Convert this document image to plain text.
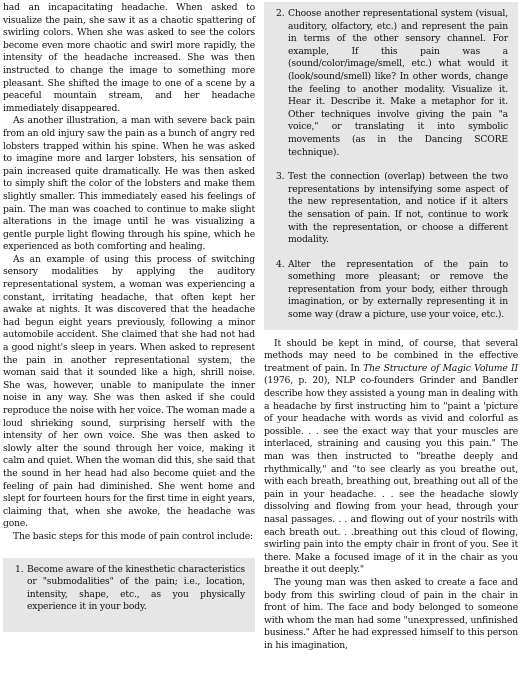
had an incapacitating headache. When asked to visualize the pain, she saw it as a chaotic spattering of swirling colors. When she was asked to see the colors become even more chaotic and swirl more rapidly, the intensity of the headache increased. She was then instructed to change the image to something more pleasant. She shifted the image to one of a scene by a peaceful mountain stream, and her headache immediately disappeared.

As another illustration, a man with severe back pain from an old injury saw the pain as a bunch of angry red lobsters trapped within his spine. When he was asked to imagine more and larger lobsters, his sensation of pain increased quite dramatically. He was then asked to simply shift the color of the lobsters and make them slightly smaller. This immediately eased his feelings of pain. The man was coached to continue to make slight alterations in the image until he was visualizing a gentle purple light flowing through his spine, which he experienced as both comforting and healing.

As an example of using this process of switching sensory modalities by applying the auditory representational system, a woman was experiencing a constant, irritating headache, that often kept her awake at nights. It was discovered that the headache had begun eight years previously, following a minor automobile accident. She claimed that she had not had a good night's sleep in years. When asked to represent the pain in another representational system, the woman said that it sounded like a high, shrill noise. She was, however, unable to manipulate the inner noise in any way. She was then asked if she could reproduce the noise with her voice. The woman made a loud shrieking sound, surprising herself with the intensity of her own voice. She was then asked to slowly alter the sound through her voice, making it calm and quiet. When the woman did this, she said that the sound in her head had also become quiet and the feeling of pain had diminished. She went home and slept for fourteen hours for the first time in eight years, claiming that, when she awoke, the headache was gone.

The basic steps for this mode of pain control include:

1. Become aware of the kinesthetic characteristics or "submodalities" of the pain; i.e., location, intensity, shape, etc., as you physically experience it in your body.
2. Choose another representational system (visual, auditory, olfactory, etc.) and represent the pain in terms of the other sensory channel. For example, If this pain was a (sound/color/image/smell, etc.) what would it (look/sound/smell) like? In other words, change the feeling to another modality. Visualize it. Hear it. Describe it. Make a metaphor for it. Other techniques involve giving the pain "a voice," or translating it into symbolic movements (as in the Dancing SCORE technique).
3. Test the connection (overlap) between the two representations by intensifying some aspect of the new representation, and notice if it alters the sensation of pain. If not, continue to work with the representation, or choose a different modality.
4. Alter the representation of the pain to something more pleasant; or remove the representation from your body, either through imagination, or by externally representing it in some way (draw a picture, use your voice, etc.).

It should be kept in mind, of course, that several methods may need to be combined in the effective treatment of pain. In The Structure of Magic Volume II (1976, p. 20), NLP co-founders Grinder and Bandler describe how they assisted a young man in dealing with a headache by first instructing him to "paint a 'picture of your headache with words as vivid and colorful as possible. . . see the exact way that your muscles are interlaced, straining and causing you this pain." The man was then instructed to "breathe deeply and rhythmically," and "to see clearly as you breathe out, with each breath, breathing out, breathing out all of the pain in your headache. . . see the headache slowly dissolving and flowing from your head, through your nasal passages. . . and flowing out of your nostrils with each breath out. . .breathing out this cloud of flowing, swirling pain into the empty chair in front of you. See it there. Make a focused image of it in the chair as you breathe it out deeply."

The young man was then asked to create a face and body from this swirling cloud of pain in the chair in front of him. The face and body belonged to someone with whom the man had some "unexpressed, unfinished business." After he had expressed himself to this person in his imagination,
